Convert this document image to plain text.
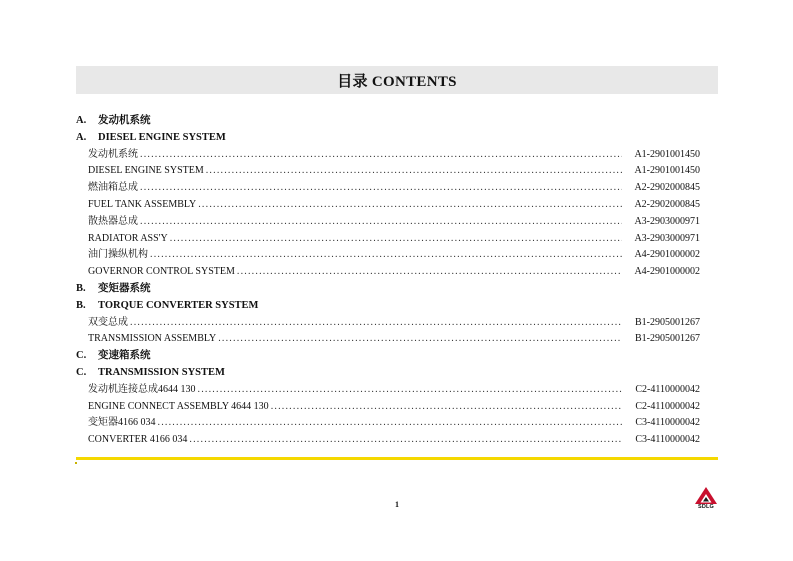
目录 CONTENTS
A.	发动机系统
A.	DIESEL ENGINE SYSTEM
发动机系统 .....	A1-2901001450
DIESEL ENGINE SYSTEM .....	A1-2901001450
燃油箱总成 .....	A2-2902000845
FUEL TANK ASSEMBLY .....	A2-2902000845
散热器总成 .....	A3-2903000971
RADIATOR ASS'Y .....	A3-2903000971
油门操纵机构 .....	A4-2901000002
GOVERNOR CONTROL SYSTEM .....	A4-2901000002
B.	变矩器系统
B.	TORQUE CONVERTER SYSTEM
双变总成 .....	B1-2905001267
TRANSMISSION ASSEMBLY .....	B1-2905001267
C.	变速箱系统
C.	TRANSMISSION SYSTEM
发动机连接总成4644 130 .....	C2-4110000042
ENGINE CONNECT ASSEMBLY 4644 130 .....	C2-4110000042
变矩器4166 034 .....	C3-4110000042
CONVERTER 4166 034 .....	C3-4110000042
1	SDLG
